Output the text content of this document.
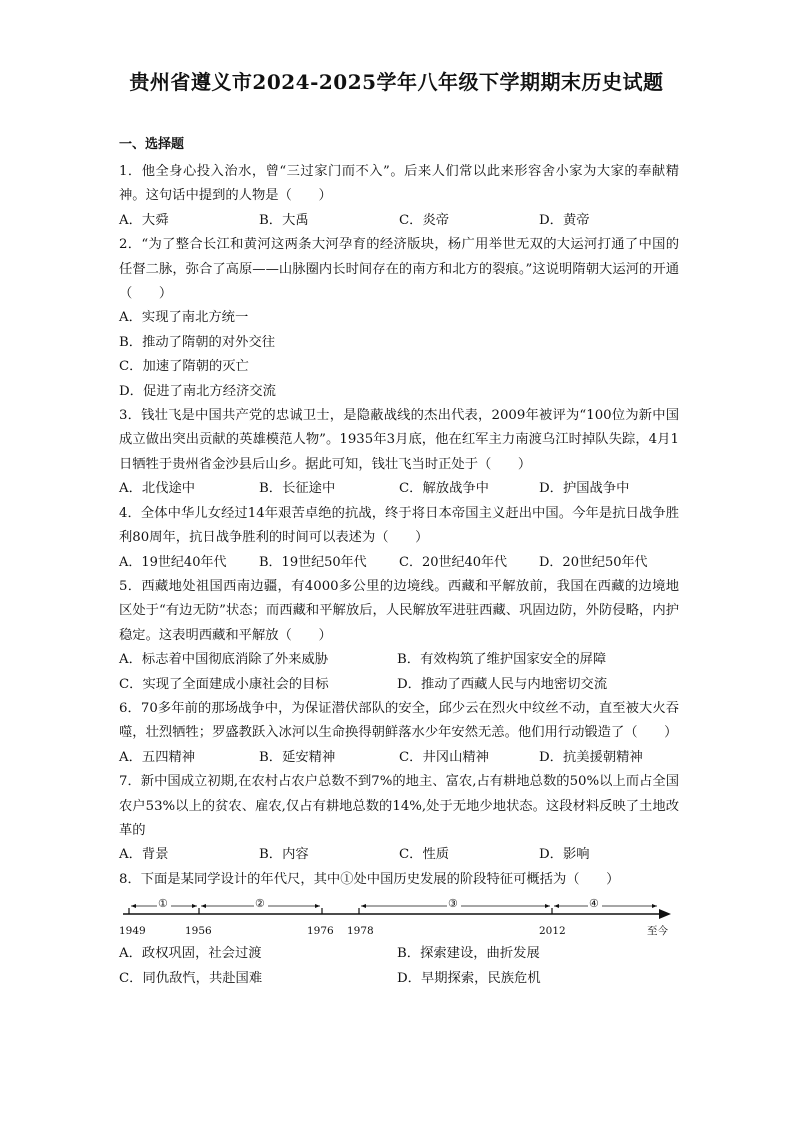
贵州省遵义市2024-2025学年八年级下学期期末历史试题
一、选择题

1．他全身心投入治水，曾“三过家门而不入”。后来人们常以此来形容舍小家为大家的奉献精神。这句话中提到的人物是（　　）

A．大舜	B．大禹	C．炎帝	D．黄帝

2．“为了整合长江和黄河这两条大河孕育的经济版块，杨广用举世无双的大运河打通了中国的任督二脉，弥合了高原——山脉圈内长时间存在的南方和北方的裂痕。”这说明隋朝大运河的开通（　　）

A．实现了南北方统一

B．推动了隋朝的对外交往

C．加速了隋朝的灭亡

D．促进了南北方经济交流

3．钱壮飞是中国共产党的忠诚卫士，是隐蔽战线的杰出代表，2009年被评为“100位为新中国成立做出突出贡献的英雄模范人物”。1935年3月底，他在红军主力南渡乌江时掉队失踪，4月1日牺牲于贵州省金沙县后山乡。据此可知，钱壮飞当时正处于（　　）

A．北伐途中	B．长征途中	C．解放战争中	D．护国战争中

4．全体中华儿女经过14年艰苦卓绝的抗战，终于将日本帝国主义赶出中国。今年是抗日战争胜利80周年，抗日战争胜利的时间可以表述为（　　）

A．19世纪40年代	B．19世纪50年代	C．20世纪40年代	D．20世纪50年代

5．西藏地处祖国西南边疆，有4000多公里的边境线。西藏和平解放前，我国在西藏的边境地区处于“有边无防”状态；而西藏和平解放后，人民解放军进驻西藏、巩固边防，外防侵略，内护稳定。这表明西藏和平解放（　　）

A．标志着中国彻底消除了外来威胁	B．有效构筑了维护国家安全的屏障
C．实现了全面建成小康社会的目标	D．推动了西藏人民与内地密切交流

6．70多年前的那场战争中，为保证潜伏部队的安全，邱少云在烈火中纹丝不动，直至被大火吞噬，壮烈牺牲；罗盛教跃入冰河以生命换得朝鲜落水少年安然无恙。他们用行动锻造了（　　）

A．五四精神	B．延安精神	C．井冈山精神	D．抗美援朝精神

7．新中国成立初期,在农村占农户总数不到7%的地主、富农,占有耕地总数的50%以上而占全国农户53%以上的贫农、雇农,仅占有耕地总数的14%,处于无地少地状态。这段材料反映了土地改革的

A．背景	B．内容	C．性质	D．影响

8．下面是某同学设计的年代尺，其中①处中国历史发展的阶段特征可概括为（　　）

①	②	③	④
1949	1956	1976 1978	2012	至今
A．政权巩固，社会过渡	B．探索建设，曲折发展
C．同仇敌忾，共赴国难	D．早期探索，民族危机
